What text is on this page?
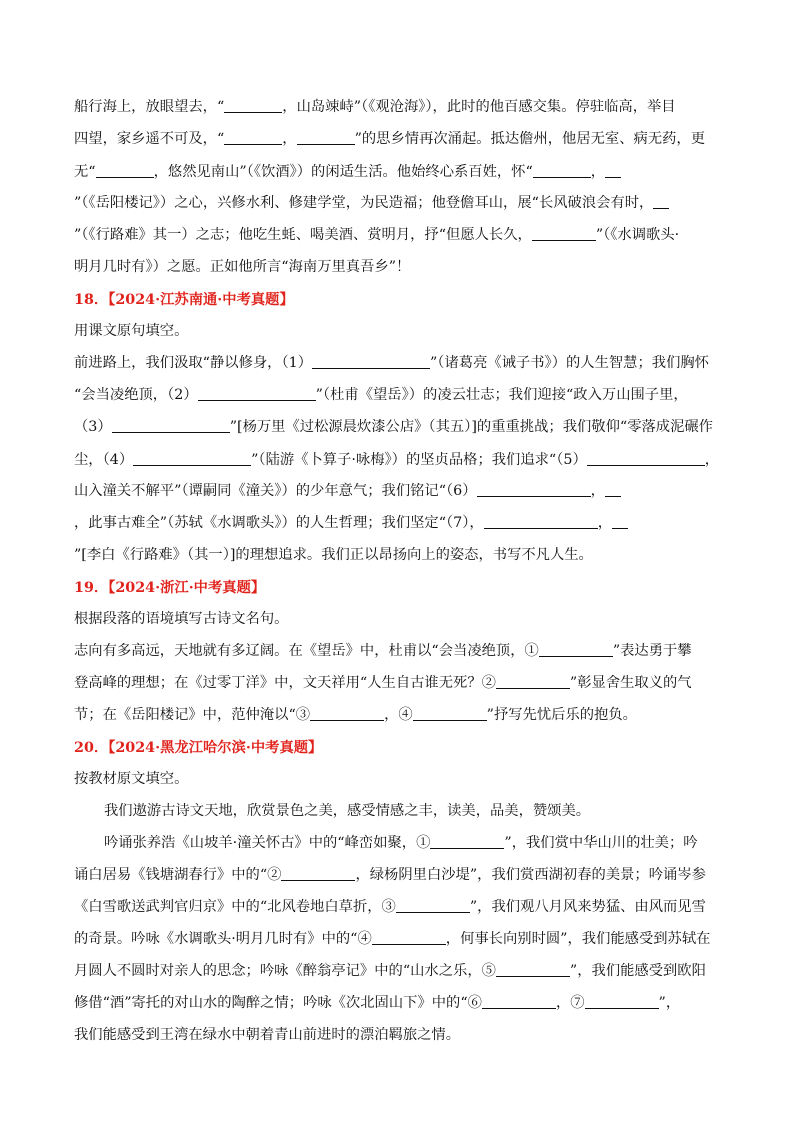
船行海上，放眼望去，“	，山岛竦峙”（《观沧海》），此时的他百感交集。停驻临高，举目
四望，家乡遥不可及，“	，	”的思乡情再次涌起。抵达儋州，他居无室、病无药，更
无“	，悠然见南山”（《饮酒》）的闲适生活。他始终心系百姓，怀“	，
”（《岳阳楼记》）之心，兴修水利、修建学堂，为民造福；他登儋耳山，展“长风破浪会有时，
”（《行路难》其一）之志；他吃生蚝、喝美酒、赏明月，抒“但愿人长久，	”（《水调歌头·
明月几时有》）之愿。正如他所言“海南万里真吾乡”！
18．【2024·江苏南通·中考真题】
用课文原句填空。
前进路上，我们汲取“静以修身，（1）	”（诸葛亮《诫子书》）的人生智慧；我们胸怀
“会当凌绝顶，（2）	”（杜甫《望岳》）的凌云壮志；我们迎接“政入万山围子里，
（3）	”[杨万里《过松源晨炊漆公店》（其五）]的重重挑战；我们敬仰“零落成泥碾作
尘，（4）	”（陆游《卜算子·咏梅》）的坚贞品格；我们追求“（5）	，
山入潼关不解平”（谭嗣同《潼关》）的少年意气；我们铭记“（6）	，
，此事古难全”（苏轼《水调歌头》）的人生哲理；我们坚定“（7），	，
”[李白《行路难》（其一）]的理想追求。我们正以昂扬向上的姿态，书写不凡人生。
19．【2024·浙江·中考真题】
根据段落的语境填写古诗文名句。
志向有多高远，天地就有多辽阔。在《望岳》中，杜甫以“会当凌绝顶，①	”表达勇于攀
登高峰的理想；在《过零丁洋》中，文天祥用“人生自古谁无死？②	”彰显舍生取义的气
节；在《岳阳楼记》中，范仲淹以“③	，④	”抒写先忧后乐的抱负。
20．【2024·黑龙江哈尔滨·中考真题】
按教材原文填空。
我们遨游古诗文天地，欣赏景色之美，感受情感之丰，读美，品美，赞颂美。
吟诵张养浩《山坡羊·潼关怀古》中的“峰峦如聚，①	”，我们赏中华山川的壮美；吟
诵白居易《钱塘湖春行》中的“②	，绿杨阴里白沙堤”，我们赏西湖初春的美景；吟诵岑参
《白雪歌送武判官归京》中的“北风卷地白草折，③	”，我们观八月风来势猛、由风而见雪
的奇景。吟咏《水调歌头·明月几时有》中的“④	，何事长向别时圆”，我们能感受到苏轼在
月圆人不圆时对亲人的思念；吟咏《醉翁亭记》中的“山水之乐，⑤	”，我们能感受到欧阳
修借“酒”寄托的对山水的陶醉之情；吟咏《次北固山下》中的“⑥	，⑦	”，
我们能感受到王湾在绿水中朝着青山前进时的漂泊羁旅之情。
